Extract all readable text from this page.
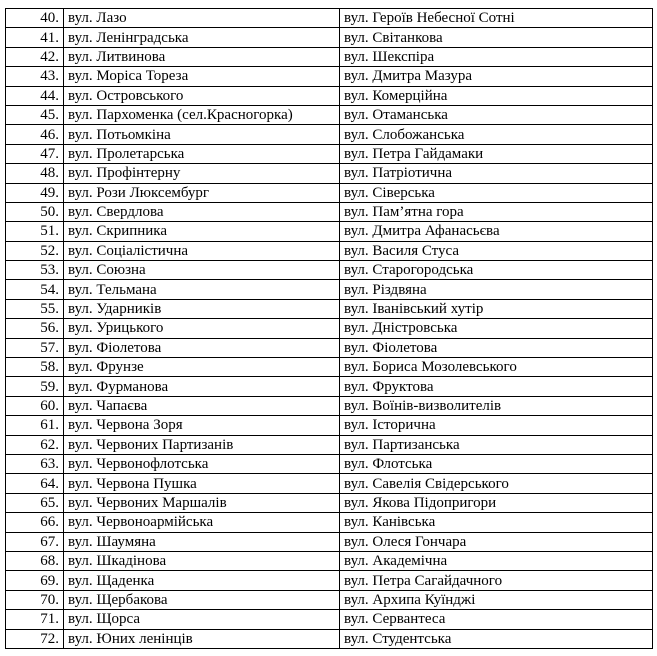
40.	вул. Лазо	вул. Героїв Небесної Сотні
41.	вул. Ленінградська	вул. Світанкова
42.	вул. Литвинова	вул. Шекспіра
43.	вул. Моріса Тореза	вул. Дмитра Мазура
44.	вул. Островського	вул. Комерційна
45.	вул. Пархоменка (сел.Красногорка)	вул. Отаманська
46.	вул. Потьомкіна	вул. Слобожанська
47.	вул. Пролетарська	вул. Петра Гайдамаки
48.	вул. Профінтерну	вул. Патріотична
49.	вул. Рози Люксембург	вул. Сіверська
50.	вул. Свердлова	вул. Пам’ятна гора
51.	вул. Скрипника	вул. Дмитра Афанасьєва
52.	вул. Соціалістична	вул. Василя Стуса
53.	вул. Союзна	вул. Старогородська
54.	вул. Тельмана	вул. Різдвяна
55.	вул. Ударників	вул. Іванівський хутір
56.	вул. Урицького	вул. Дністровська
57.	вул. Фіолетова	вул. Фіолетова
58.	вул. Фрунзе	вул. Бориса Мозолевського
59.	вул. Фурманова	вул. Фруктова
60.	вул. Чапаєва	вул. Воїнів-визволителів
61.	вул. Червона Зоря	вул. Історична
62.	вул. Червоних Партизанів	вул. Партизанська
63.	вул. Червонофлотська	вул. Флотська
64.	вул. Червона Пушка	вул. Савелія Свідерського
65.	вул. Червоних Маршалів	вул. Якова Підопригори
66.	вул. Червоноармійська	вул. Канівська
67.	вул. Шаумяна	вул. Олеся Гончара
68.	вул. Шкадінова	вул. Академічна
69.	вул. Щаденка	вул. Петра Сагайдачного
70.	вул. Щербакова	вул. Архипа Куїнджі
71.	вул. Щорса	вул. Сервантеса
72.	вул. Юних ленінців	вул. Студентська
